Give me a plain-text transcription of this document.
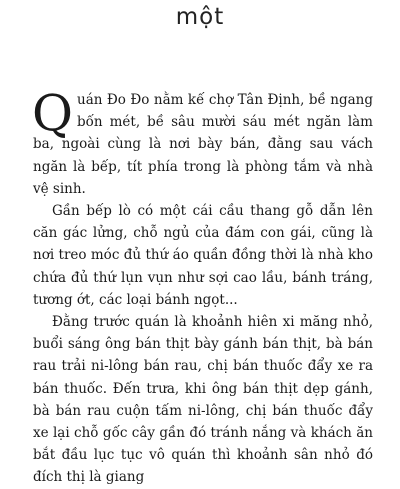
một

Quán Đo Đo nằm kế chợ Tân Định, bề ngang bốn mét, bề sâu mười sáu mét ngăn làm ba, ngoài cùng là nơi bày bán, đằng sau vách ngăn là bếp, tít phía trong là phòng tắm và nhà vệ sinh.

Gần bếp lò có một cái cầu thang gỗ dẫn lên căn gác lửng, chỗ ngủ của đám con gái, cũng là nơi treo móc đủ thứ áo quần đồng thời là nhà kho chứa đủ thứ lụn vụn như sợi cao lầu, bánh tráng, tương ớt, các loại bánh ngọt...

Đằng trước quán là khoảnh hiên xi măng nhỏ, buổi sáng ông bán thịt bày gánh bán thịt, bà bán rau trải ni-lông bán rau, chị bán thuốc đẩy xe ra bán thuốc. Đến trưa, khi ông bán thịt dẹp gánh, bà bán rau cuộn tấm ni-lông, chị bán thuốc đẩy xe lại chỗ gốc cây gần đó tránh nắng và khách ăn bắt đầu lục tục vô quán thì khoảnh sân nhỏ đó đích thị là giang
